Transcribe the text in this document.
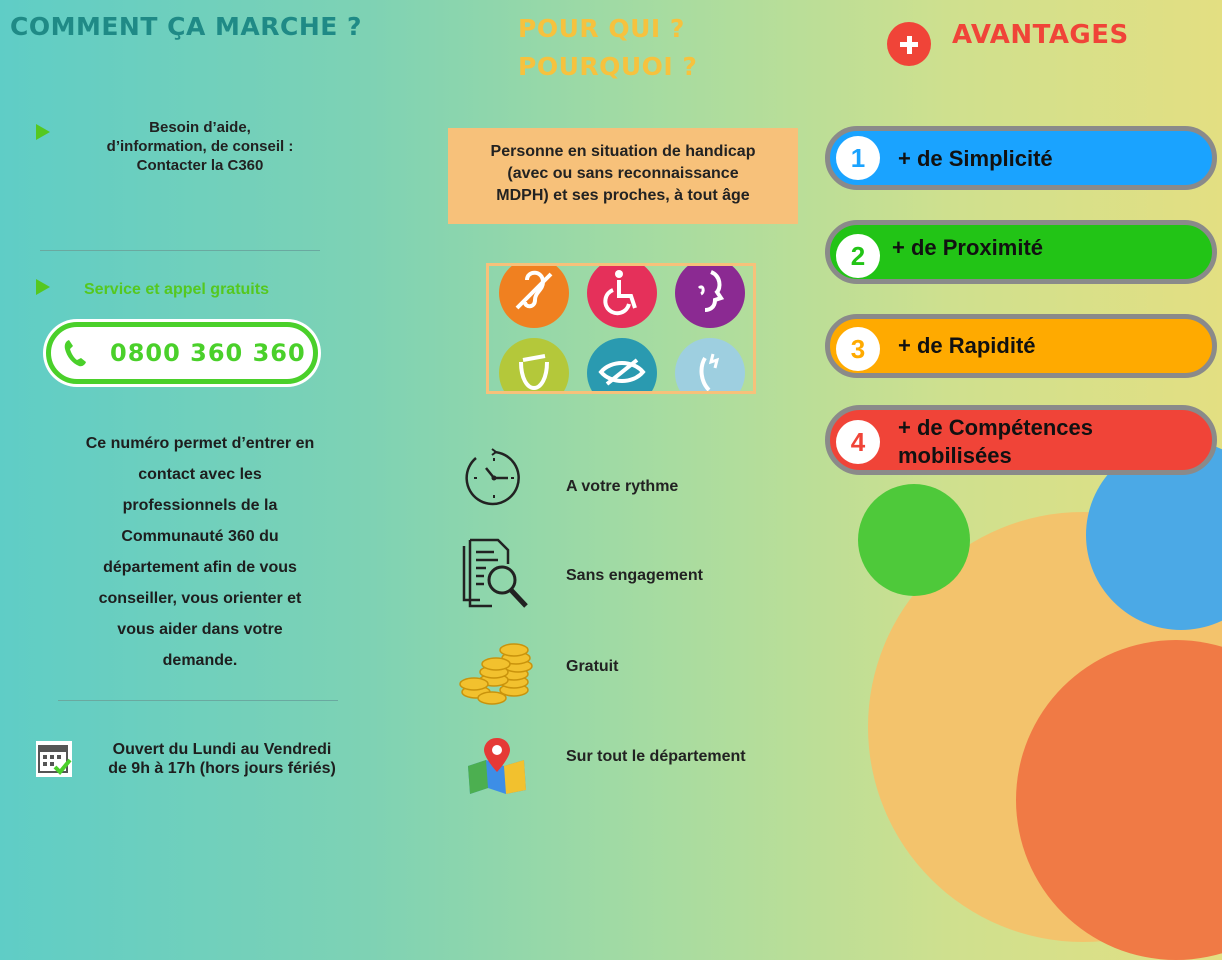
COMMENT ÇA MARCHE ?
Besoin d’aide,
d’information, de conseil :
Contacter la C360
Service et appel gratuits
0800 360 360
Ce numéro permet d’entrer en
contact avec les
professionnels de la
Communauté 360 du
département afin de vous
conseiller, vous orienter et
vous aider dans votre
demande.
Ouvert du Lundi au Vendredi
de 9h à 17h (hors jours fériés)
POUR QUI ?
POURQUOI ?
Personne en situation de handicap
(avec ou sans reconnaissance
MDPH) et ses proches, à tout âge
A votre rythme
Sans engagement
Gratuit
Sur tout le département
AVANTAGES
1	+ de Simplicité
2	+ de Proximité
3	+ de Rapidité
4	+ de Compétences
mobilisées
